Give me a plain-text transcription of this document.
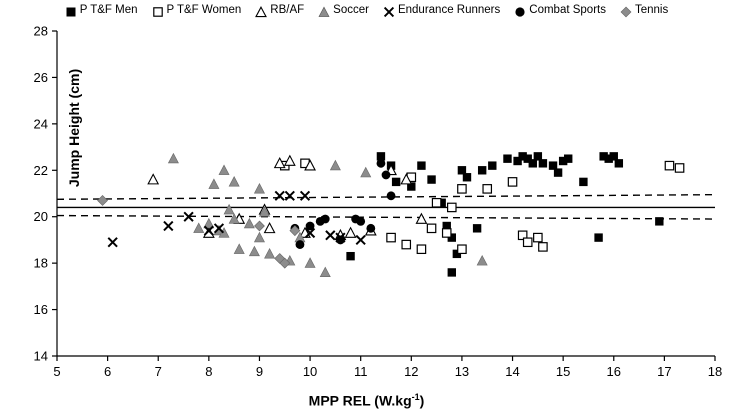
P T&F Men	P T&F Women	RB/AF	Soccer	Endurance Runners	Combat Sports	Tennis
14
16
18
20
22
24
26
28
5	6	7	8	9	10	11	12	13	14	15	16	17	18
Jump Height (cm)
MPP REL $(W.kg^{-1})$
